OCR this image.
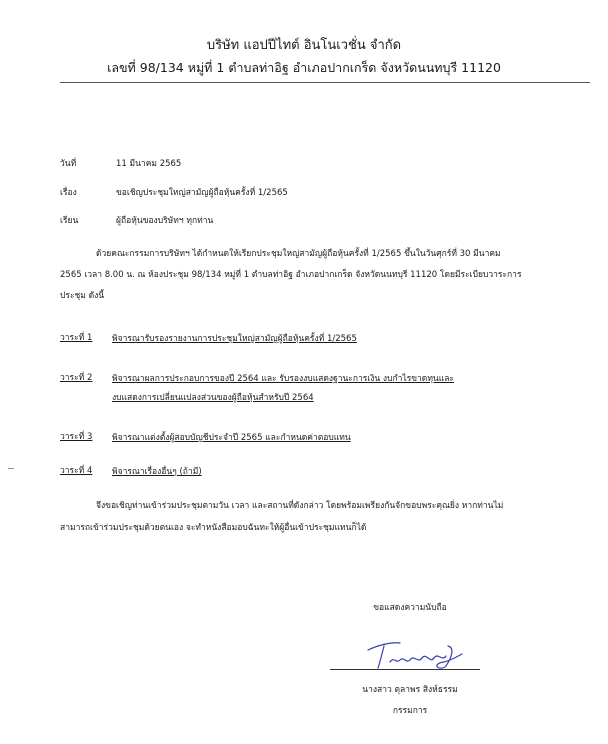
บริษัท แอปปีไทต์ อินโนเวชั่น จำกัด
เลขที่ 98/134 หมู่ที่ 1 ตำบลท่าอิฐ อำเภอปากเกร็ด จังหวัดนนทบุรี 11120
วันที่	11 มีนาคม 2565
เรื่อง	ขอเชิญประชุมใหญ่สามัญผู้ถือหุ้นครั้งที่ 1/2565
เรียน	ผู้ถือหุ้นของบริษัทฯ ทุกท่าน
ด้วยคณะกรรมการบริษัทฯ ได้กำหนดให้เรียกประชุมใหญ่สามัญผู้ถือหุ้นครั้งที่ 1/2565 ขึ้นในวันศุกร์ที่ 30 มีนาคม
2565 เวลา 8.00 น. ณ ห้องประชุม 98/134 หมู่ที่ 1 ตำบลท่าอิฐ อำเภอปากเกร็ด จังหวัดนนทบุรี 11120 โดยมีระเบียบวาระการ
ประชุม ดังนี้
วาระที่ 1 พิจารณารับรองรายงานการประชุมใหญ่สามัญผู้ถือหุ้นครั้งที่ 1/2565
วาระที่ 2 พิจารณาผลการประกอบการของปี 2564 และ รับรองงบแสดงฐานะการเงิน งบกำไรขาดทุนและ
งบแสดงการเปลี่ยนแปลงส่วนของผู้ถือหุ้นสำหรับปี 2564
วาระที่ 3 พิจารณาแต่งตั้งผู้สอบบัญชีประจำปี 2565 และกำหนดค่าตอบแทน
วาระที่ 4 พิจารณาเรื่องอื่นๆ (ถ้ามี)
จึงขอเชิญท่านเข้าร่วมประชุมตามวัน เวลา และสถานที่ดังกล่าว โดยพร้อมเพรียงกันจักขอบพระคุณยิ่ง หากท่านไม่
สามารถเข้าร่วมประชุมด้วยตนเอง จะทำหนังสือมอบฉันทะให้ผู้อื่นเข้าประชุมแทนก็ได้
ขอแสดงความนับถือ
นางสาว ตุลาพร สิงห์ธรรม
กรรมการ
